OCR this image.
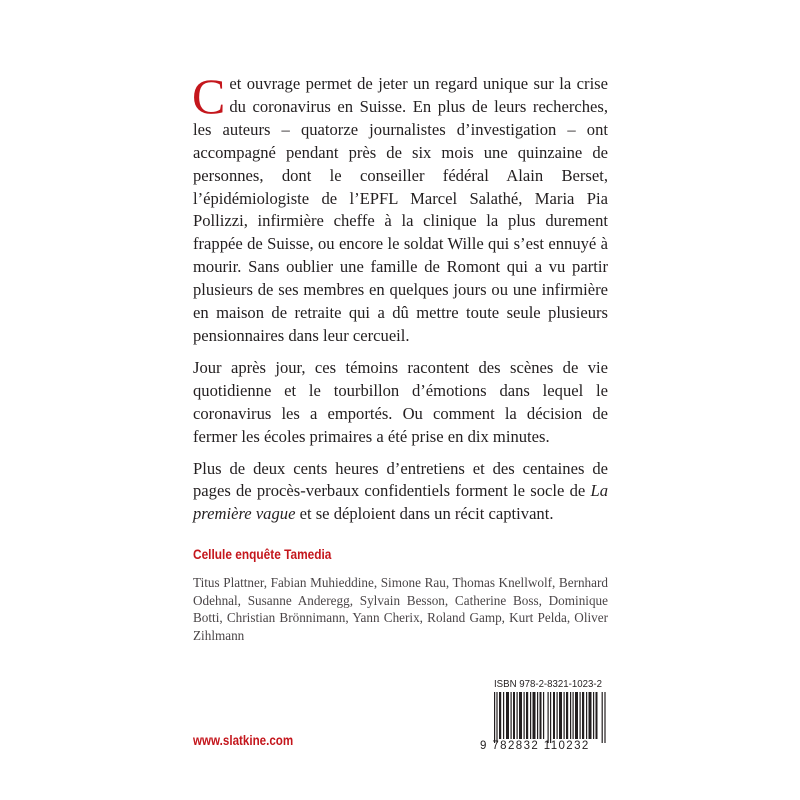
Cet ouvrage permet de jeter un regard unique sur la crise du coronavirus en Suisse. En plus de leurs recherches, les auteurs – quatorze journalistes d’investigation – ont accompagné pendant près de six mois une quinzaine de personnes, dont le conseiller fédéral Alain Berset, l’épidémiologiste de l’EPFL Marcel Salathé, Maria Pia Pollizzi, infirmière cheffe à la clinique la plus durement frappée de Suisse, ou encore le soldat Wille qui s’est ennuyé à mourir. Sans oublier une famille de Romont qui a vu partir plusieurs de ses membres en quelques jours ou une infirmière en maison de retraite qui a dû mettre toute seule plusieurs pensionnaires dans leur cercueil.

Jour après jour, ces témoins racontent des scènes de vie quotidienne et le tourbillon d’émotions dans lequel le coronavirus les a emportés. Ou comment la décision de fermer les écoles primaires a été prise en dix minutes.

Plus de deux cents heures d’entretiens et des centaines de pages de procès-verbaux confidentiels forment le socle de La première vague et se déploient dans un récit captivant.

Cellule enquête Tamedia
Titus Plattner, Fabian Muhieddine, Simone Rau, Thomas Knellwolf, Bernhard Odehnal, Susanne Anderegg, Sylvain Besson, Catherine Boss, Dominique Botti, Christian Brönnimann, Yann Cherix, Roland Gamp, Kurt Pelda, Oliver Zihlmann
www.slatkine.com
ISBN 978-2-8321-1023-2
9 782832 110232
